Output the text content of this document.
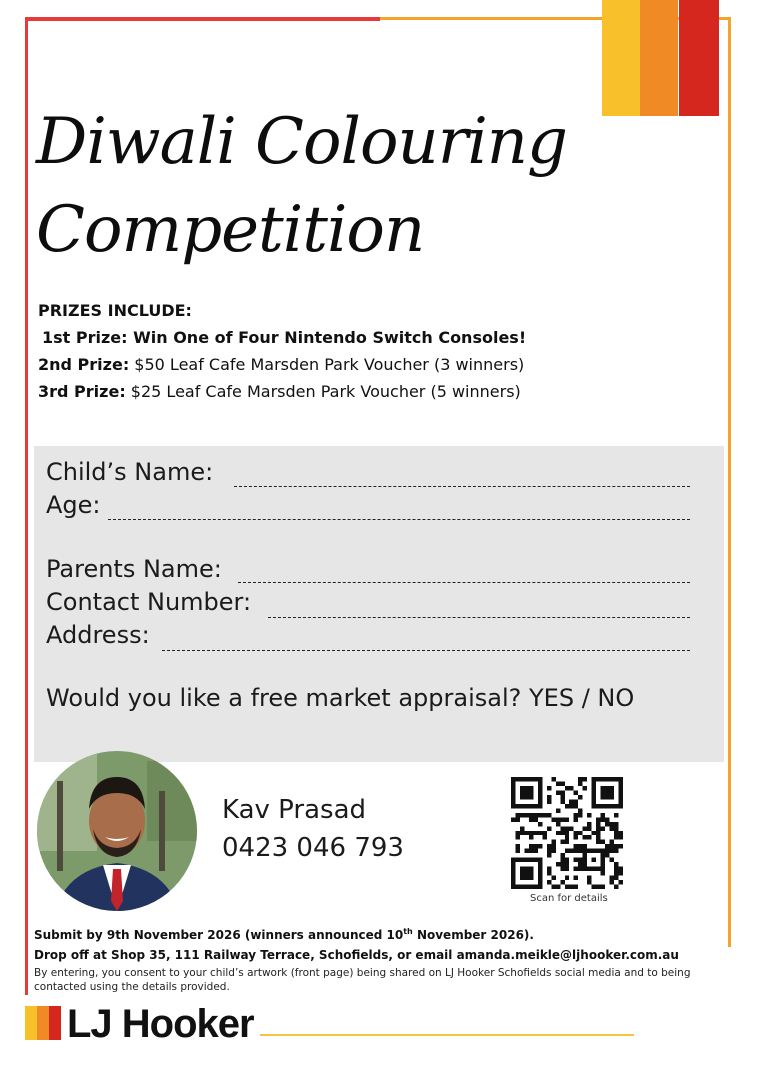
Diwali Colouring
Competition
PRIZES INCLUDE:
1st Prize: Win One of Four Nintendo Switch Consoles!
2nd Prize: $50 Leaf Cafe Marsden Park Voucher (3 winners)
3rd Prize: $25 Leaf Cafe Marsden Park Voucher (5 winners)
Child’s Name:
Age:
Parents Name:
Contact Number:
Address:
Would you like a free market appraisal? YES / NO
Kav Prasad
0423 046 793
Scan for details
Submit by 9th November 2026 (winners announced 10th November 2026).
Drop off at Shop 35, 111 Railway Terrace, Schofields, or email amanda.meikle@ljhooker.com.au
By entering, you consent to your child’s artwork (front page) being shared on LJ Hooker Schofields social media and to being contacted using the details provided.
LJ Hooker
